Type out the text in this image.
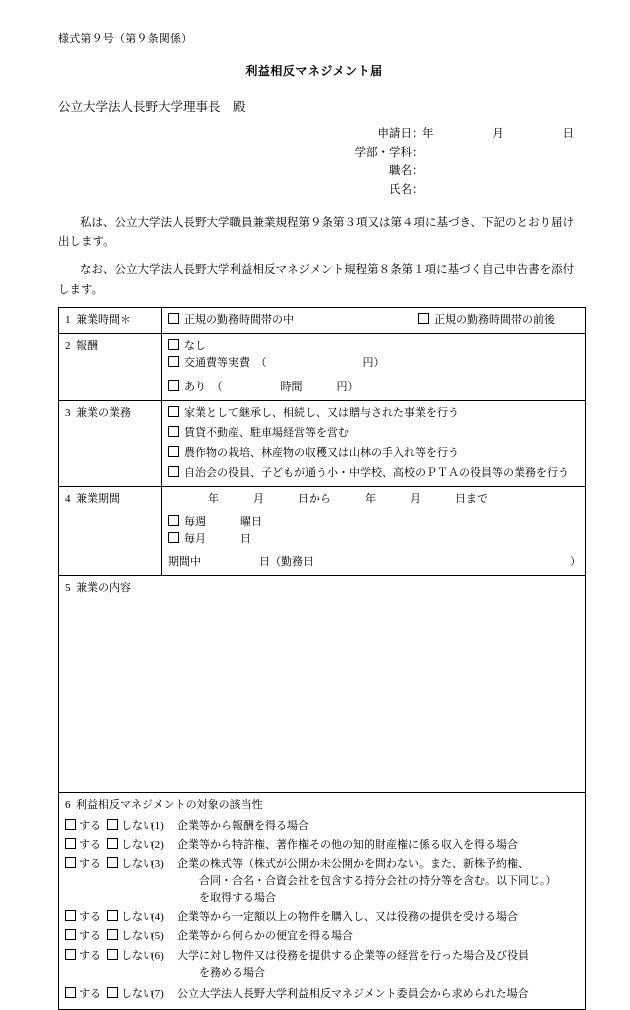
様式第９号（第９条関係）
利益相反マネジメント届
公立大学法人長野大学理事長　殿
申請日 ：
年	月	日
学部・学科 ：
職名 ：
氏名 ：

私は、公立大学法人長野大学職員兼業規程第９条第３項又は第４項に基づき、下記のとおり届け出します。

なお、公立大学法人長野大学利益相反マネジメント規程第８条第１項に基づく自己申告書を添付します。

1 兼業時間＊	正規の勤務時間帯の中 正規の勤務時間帯の前後

2 報酬	なし
交通費等実費　（ 円）
あり　（ 時間 円）

3 兼業の業務	家業として継承し、相続し、又は贈与された事業を行う
賃貸不動産、駐車場経営等を営む
農作物の栽培、林産物の収穫又は山林の手入れ等を行う
自治会の役員、子どもが通う小・中学校、高校のＰＴＡの役員等の業務を行う

4 兼業期間	年	月	日から	年	月	日まで
毎週	曜日
毎月	日
期間中	日（勤務日	）

5 兼業の内容	

6 利益相反マネジメントの対象の該当性
する しない
(1)	企業等から報酬を得る場合
する しない
(2)	企業等から特許権、著作権その他の知的財産権に係る収入を得る場合
する しない
(3)	企業の株式等（株式が公開か未公開かを問わない。また、新株予約権、
合同・合名・合資会社を包含する持分会社の持分等を含む。以下同じ。）
を取得する場合
する しない
(4)	企業等から一定額以上の物件を購入し、又は役務の提供を受ける場合
する しない
(5)	企業等から何らかの便宜を得る場合
する しない
(6)	大学に対し物件又は役務を提供する企業等の経営を行った場合及び役員
を務める場合
する しない
(7)	公立大学法人長野大学利益相反マネジメント委員会から求められた場合
